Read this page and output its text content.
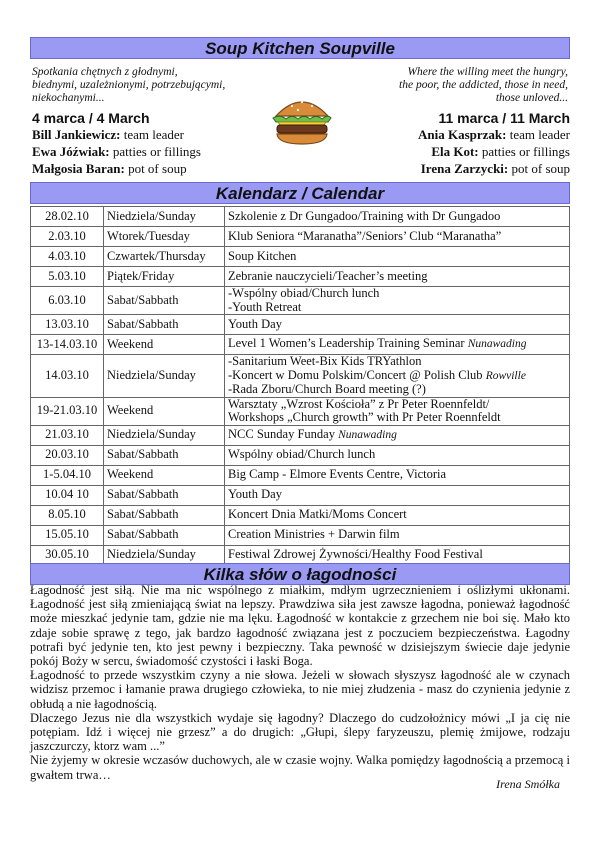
Soup Kitchen Soupville
Spotkania chętnych z głodnymi,
biednymi, uzależnionymi, potrzebującymi,
niekochanymi...
Where the willing meet the hungry,
the poor, the addicted, those in need,
those unloved...
4 marca / 4 March
Bill Jankiewicz: team leader
Ewa Jóźwiak: patties or fillings
Małgosia Baran: pot of soup
11 marca / 11 March
Ania Kasprzak: team leader
Ela Kot: patties or fillings
Irena Zarzycki: pot of soup
Kalendarz / Calendar
28.02.10	Niedziela/Sunday	Szkolenie z Dr Gungadoo/Training with Dr Gungadoo

2.03.10	Wtorek/Tuesday	Klub Seniora “Maranatha”/Seniors’ Club “Maranatha”

4.03.10	Czwartek/Thursday	Soup Kitchen

5.03.10	Piątek/Friday	Zebranie nauczycieli/Teacher’s meeting

6.03.10	Sabat/Sabbath	-Wspólny obiad/Church lunch
-Youth Retreat

13.03.10	Sabat/Sabbath	Youth Day

13-14.03.10	Weekend	Level 1 Women’s Leadership Training Seminar Nunawading

14.03.10	Niedziela/Sunday	-Sanitarium Weet-Bix Kids TRYathlon
-Koncert w Domu Polskim/Concert @ Polish Club Rowville
-Rada Zboru/Church Board meeting (?)

19-21.03.10	Weekend	Warsztaty „Wzrost Kościoła” z Pr Peter Roennfeldt/
Workshops „Church growth” with Pr Peter Roennfeldt

21.03.10	Niedziela/Sunday	NCC Sunday Funday Nunawading

20.03.10	Sabat/Sabbath	Wspólny obiad/Church lunch

1-5.04.10	Weekend	Big Camp - Elmore Events Centre, Victoria

10.04 10	Sabat/Sabbath	Youth Day

8.05.10	Sabat/Sabbath	Koncert Dnia Matki/Moms Concert

15.05.10	Sabat/Sabbath	Creation Ministries + Darwin film

30.05.10	Niedziela/Sunday	Festiwal Zdrowej Żywności/Healthy Food Festival
Kilka słów o łagodności

Łagodność jest siłą. Nie ma nic wspólnego z miałkim, mdłym ugrzecznieniem i oślizłymi ukłonami. Łagodność jest siłą zmieniającą świat na lepszy. Prawdziwa siła jest zawsze łagodna, ponieważ łagodność może mieszkać jedynie tam, gdzie nie ma lęku. Łagodność w kontakcie z grzechem nie boi się. Mało kto zdaje sobie sprawę z tego, jak bardzo łagodność związana jest z poczuciem bezpieczeństwa. Łagodny potrafi być jedynie ten, kto jest pewny i bezpieczny. Taka pewność w dzisiejszym świecie daje jedynie pokój Boży w sercu, świadomość czystości i łaski Boga.

Łagodność to przede wszystkim czyny a nie słowa. Jeżeli w słowach słyszysz łagodność ale w czynach widzisz przemoc i łamanie prawa drugiego człowieka, to nie miej złudzenia - masz do czynienia jedynie z obłudą a nie łagodnością.

Dlaczego Jezus nie dla wszystkich wydaje się łagodny? Dlaczego do cudzołożnicy mówi „I ja cię nie potępiam. Idź i więcej nie grzesz” a do drugich: „Głupi, ślepy faryzeuszu, plemię żmijowe, rodzaju jaszczurczy, ktorz wam ...”

Nie żyjemy w okresie wczasów duchowych, ale w czasie wojny. Walka pomiędzy łagodnością a przemocą i gwałtem trwa…

Irena Smółka
